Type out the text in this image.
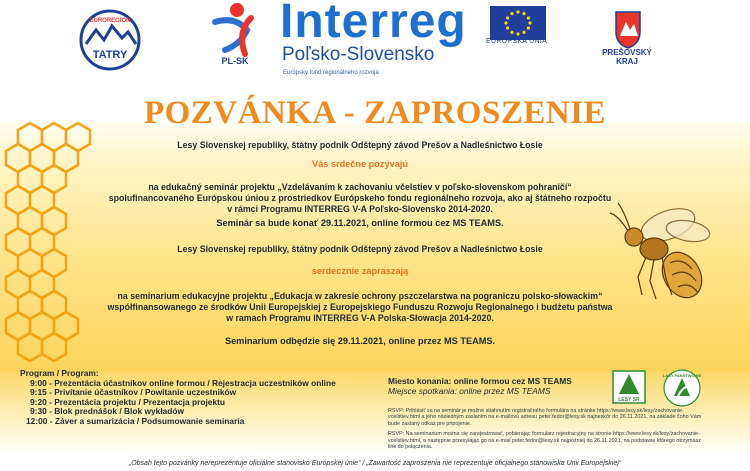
TATRY
EUROREGION
PL-SK
Interreg
Poľsko-Slovensko
Európsky fond regionálneho rozvoja
EURÓPSKA ÚNIA
PREŠOVSKÝ
KRAJ
POZVÁNKA - ZAPROSZENIE
Lesy Slovenskej republiky, štátny podnik Odštepný závod Prešov a Nadleśnictwo Łosie
Vás srdečne pozývajú
na edukačný seminár projektu „Vzdelávaním k zachovaniu včelstiev v poľsko-slovenskom pohraničí“
spolufinancovaného Európskou úniou z prostriedkov Európskeho fondu regionálneho rozvoja, ako aj štátneho rozpočtu
v rámci Programu INTERREG V-A Poľsko-Slovensko 2014-2020.
Seminár sa bude konať 29.11.2021, online formou cez MS TEAMS.
Lesy Slovenskej republiky, štátny podnik Odštepný závod Prešov a Nadleśnictwo Łosie
serdecznie zapraszają
na seminarium edukacyjne projektu „Edukacja w zakresie ochrony pszczelarstwa na pograniczu polsko-słowackim“
współfinansowanego ze środków Unii Europejskiej z Europejskiego Funduszu Rozwoju Regionalnego i budżetu państwa
w ramach Programu INTERREG V-A Polska-Słowacja 2014-2020.
Seminarium odbędzie się 29.11.2021, online przez MS TEAMS.
Program / Program:
9:00 - Prezentácia účastníkov online formou / Rejestracja uczestników online
9:15 - Privítanie účastníkov / Powitanie uczestników
9:20 - Prezentácia projektu / Prezentacja projektu
9:30 - Blok prednášok / Blok wykładów
12:00 - Záver a sumarizácia / Podsumowanie seminaria
Miesto konania: online formou cez MS TEAMS
Miejsce spotkania: online przez MS TEAMS

RSVP: Prihlásiť sa na seminár je možné stiahnutím registračného formulára na stránke https://www.lesy.sk/lesy/zachovanie-vcelstiev.html a jeho následným zaslaním na e-mailovú adresu peter.fedor@lesy.sk najneskôr do 26.11.2021, na základe čoho Vám bude zaslaný odkaz pre pripojenie.

RSVP: Na seminarium można się zarejestrować, pobierając formularz rejestracyjny na stronie https://www.lesy.sk/lesy/zachovanie-vcelstiev.html, a następnie przesyłając go na e-mail peter.fedor@lesy.sk najpóźniej do 26.11.2021, na podstawie którego otrzymasz link do połączenia.

LESY SR
LASY PAŃSTWOWE
„Obsah tejto pozvánky nereprezentuje oficiálne stanovisko Európskej únie“ / „Zawartość zaproszenia nie reprezentuje oficjalnego stanowiska Unii Europejskiej“
